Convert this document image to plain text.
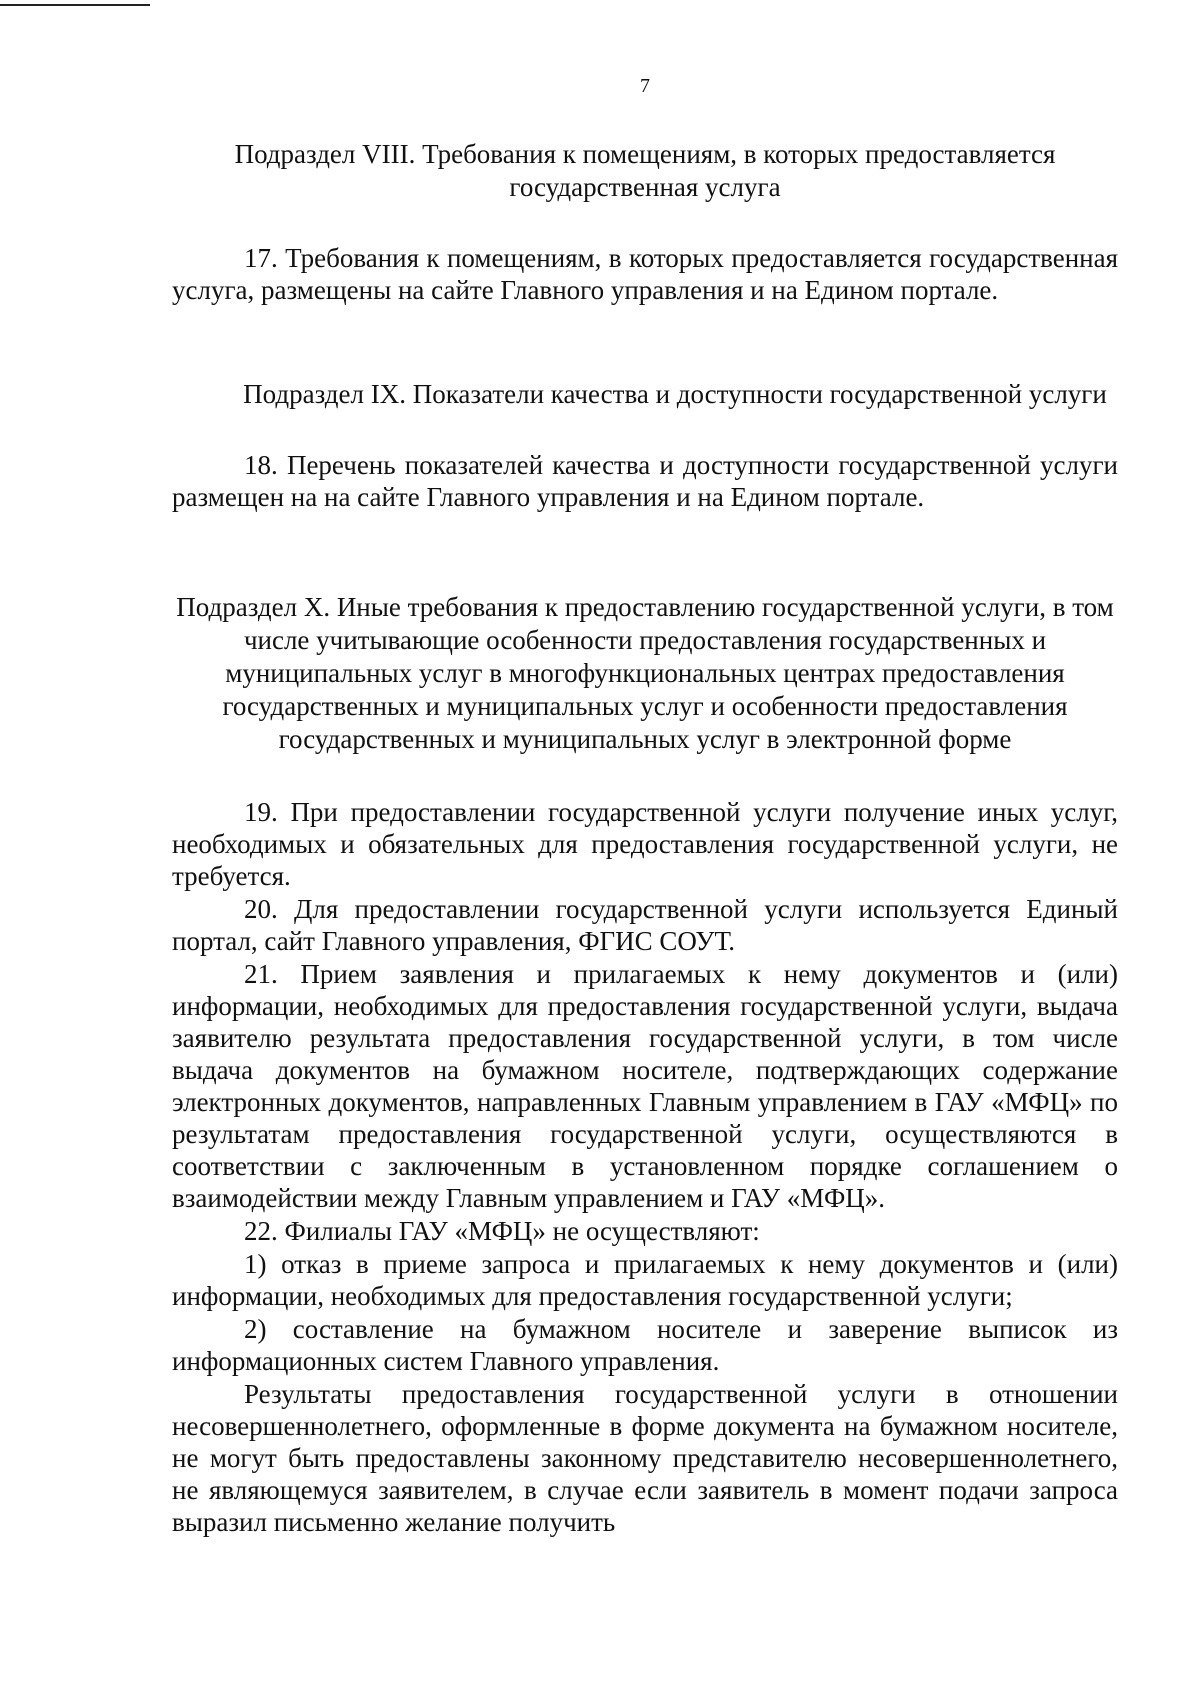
7

Подраздел VIII. Требования к помещениям, в которых предоставляется государственная услуга

17. Требования к помещениям, в которых предоставляется государственная услуга, размещены на сайте Главного управления и на Едином портале.

Подраздел IX. Показатели качества и доступности государственной услуги

18. Перечень показателей качества и доступности государственной услуги размещен на на сайте Главного управления и на Едином портале.

Подраздел X. Иные требования к предоставлению государственной услуги, в том числе учитывающие особенности предоставления государственных и муниципальных услуг в многофункциональных центрах предоставления государственных и муниципальных услуг и особенности предоставления государственных и муниципальных услуг в электронной форме

19. При предоставлении государственной услуги получение иных услуг, необходимых и обязательных для предоставления государственной услуги, не требуется.

20. Для предоставлении государственной услуги используется Единый портал, сайт Главного управления, ФГИС СОУТ.

21. Прием заявления и прилагаемых к нему документов и (или) информации, необходимых для предоставления государственной услуги, выдача заявителю результата предоставления государственной услуги, в том числе выдача документов на бумажном носителе, подтверждающих содержание электронных документов, направленных Главным управлением в ГАУ «МФЦ» по результатам предоставления государственной услуги, осуществляются в соответствии с заключенным в установленном порядке соглашением о взаимодействии между Главным управлением и ГАУ «МФЦ».

22. Филиалы ГАУ «МФЦ» не осуществляют:

1) отказ в приеме запроса и прилагаемых к нему документов и (или) информации, необходимых для предоставления государственной услуги;

2) составление на бумажном носителе и заверение выписок из информационных систем Главного управления.

Результаты предоставления государственной услуги в отношении несовершеннолетнего, оформленные в форме документа на бумажном носителе, не могут быть предоставлены законному представителю несовершеннолетнего, не являющемуся заявителем, в случае если заявитель в момент подачи запроса выразил письменно желание получить
